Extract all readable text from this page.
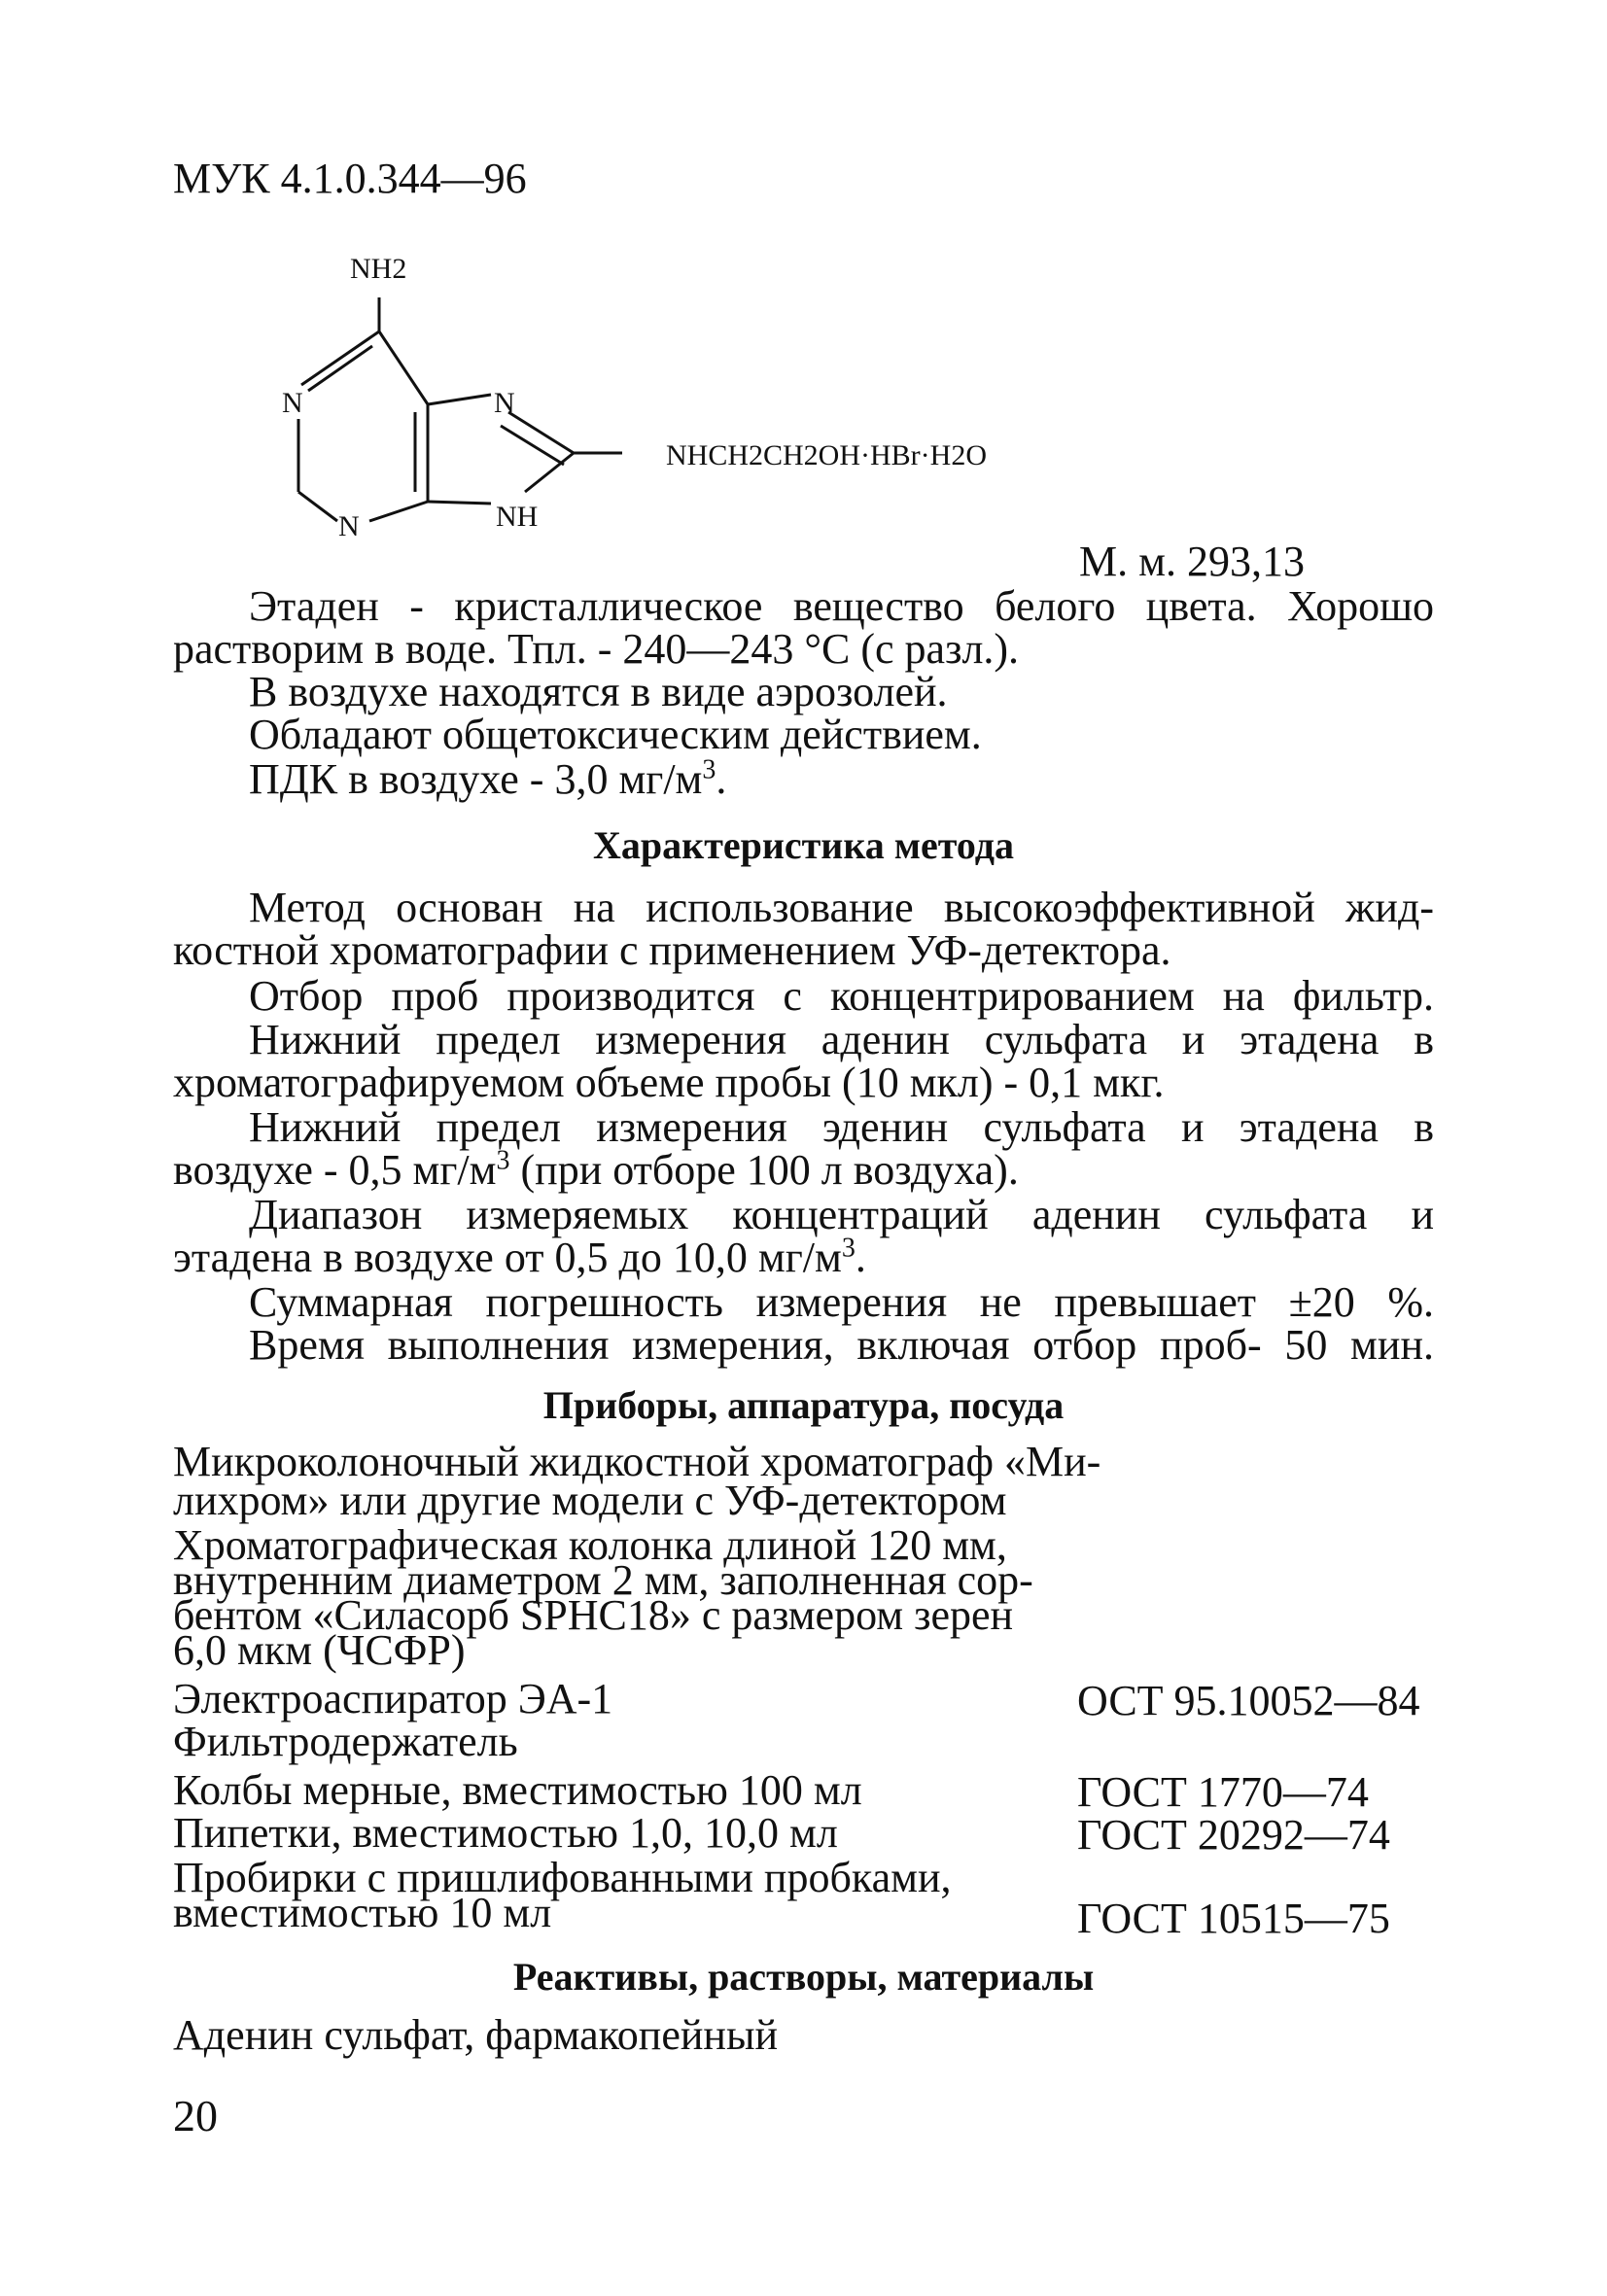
МУК 4.1.0.344—96
NH2
N	N
N	NH
NHCH2CH2OH·HBr·H2O
М. м. 293,13
Этаден - кристаллическое вещество белого цвета. Хорошо
растворим в воде. Тпл. - 240—243 °С (с разл.).
В воздухе находятся в виде аэрозолей.
Обладают общетоксическим действием.
ПДК в воздухе - 3,0 $мг/м^3$.
Характеристика метода
Метод основан на использование высокоэффективной жид-
костной хроматографии с применением УФ-детектора.
Отбор проб производится с концентрированием на фильтр.
Нижний предел измерения аденин сульфата и этадена в
хроматографируемом объеме пробы (10 мкл) - 0,1 мкг.
Нижний предел измерения эденин сульфата и этадена в
воздухе - 0,5 $мг/м^3$ (при отборе 100 л воздуха).
Диапазон измеряемых концентраций аденин сульфата и
этадена в воздухе от 0,5 до 10,0 $мг/м^3$.
Суммарная погрешность измерения не превышает ±20 %.
Время выполнения измерения, включая отбор проб- 50 мин.
Приборы, аппаратура, посуда
Микроколоночный жидкостной хроматограф «Ми-
лихром» или другие модели с УФ-детектором
Хроматографическая колонка длиной 120 мм,
внутренним диаметром 2 мм, заполненная сор-
бентом «Силасорб SPHC18» с размером зерен
6,0 мкм (ЧСФР)
Электроаспиратор ЭА-1	ОСТ 95.10052—84
Фильтродержатель
Колбы мерные, вместимостью 100 мл	ГОСТ 1770—74
Пипетки, вместимостью 1,0, 10,0 мл	ГОСТ 20292—74
Пробирки с пришлифованными пробками,
вместимостью 10 мл	ГОСТ 10515—75
Реактивы, растворы, материалы
Аденин сульфат, фармакопейный
20
